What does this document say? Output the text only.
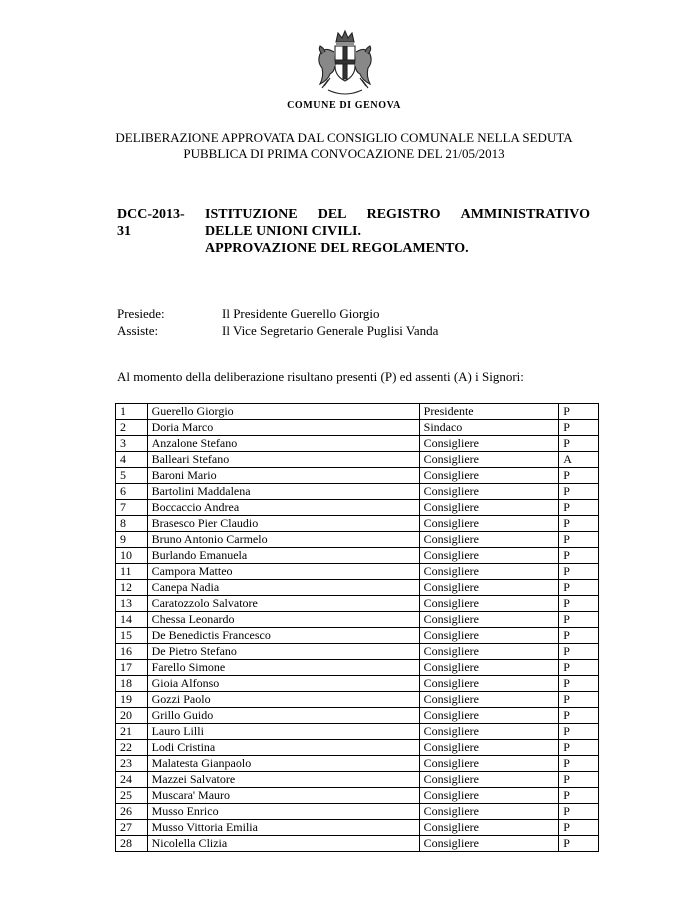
COMUNE DI GENOVA
DELIBERAZIONE APPROVATA DAL CONSIGLIO COMUNALE NELLA SEDUTA
PUBBLICA DI PRIMA CONVOCAZIONE DEL 21/05/2013
DCC-2013-
31
ISTITUZIONE DEL REGISTRO AMMINISTRATIVO
DELLE UNIONI CIVILI.
APPROVAZIONE DEL REGOLAMENTO.
Presiede:	Il Presidente Guerello Giorgio
Assiste:	Il Vice Segretario Generale Puglisi Vanda
Al momento della deliberazione risultano presenti (P) ed assenti (A) i Signori:
1	Guerello Giorgio	Presidente	P
2	Doria Marco	Sindaco	P
3	Anzalone Stefano	Consigliere	P
4	Balleari Stefano	Consigliere	A
5	Baroni Mario	Consigliere	P
6	Bartolini Maddalena	Consigliere	P
7	Boccaccio Andrea	Consigliere	P
8	Brasesco Pier Claudio	Consigliere	P
9	Bruno Antonio Carmelo	Consigliere	P
10	Burlando Emanuela	Consigliere	P
11	Campora Matteo	Consigliere	P
12	Canepa Nadia	Consigliere	P
13	Caratozzolo Salvatore	Consigliere	P
14	Chessa Leonardo	Consigliere	P
15	De Benedictis Francesco	Consigliere	P
16	De Pietro Stefano	Consigliere	P
17	Farello Simone	Consigliere	P
18	Gioia Alfonso	Consigliere	P
19	Gozzi Paolo	Consigliere	P
20	Grillo Guido	Consigliere	P
21	Lauro Lilli	Consigliere	P
22	Lodi Cristina	Consigliere	P
23	Malatesta Gianpaolo	Consigliere	P
24	Mazzei Salvatore	Consigliere	P
25	Muscara' Mauro	Consigliere	P
26	Musso Enrico	Consigliere	P
27	Musso Vittoria Emilia	Consigliere	P
28	Nicolella Clizia	Consigliere	P
